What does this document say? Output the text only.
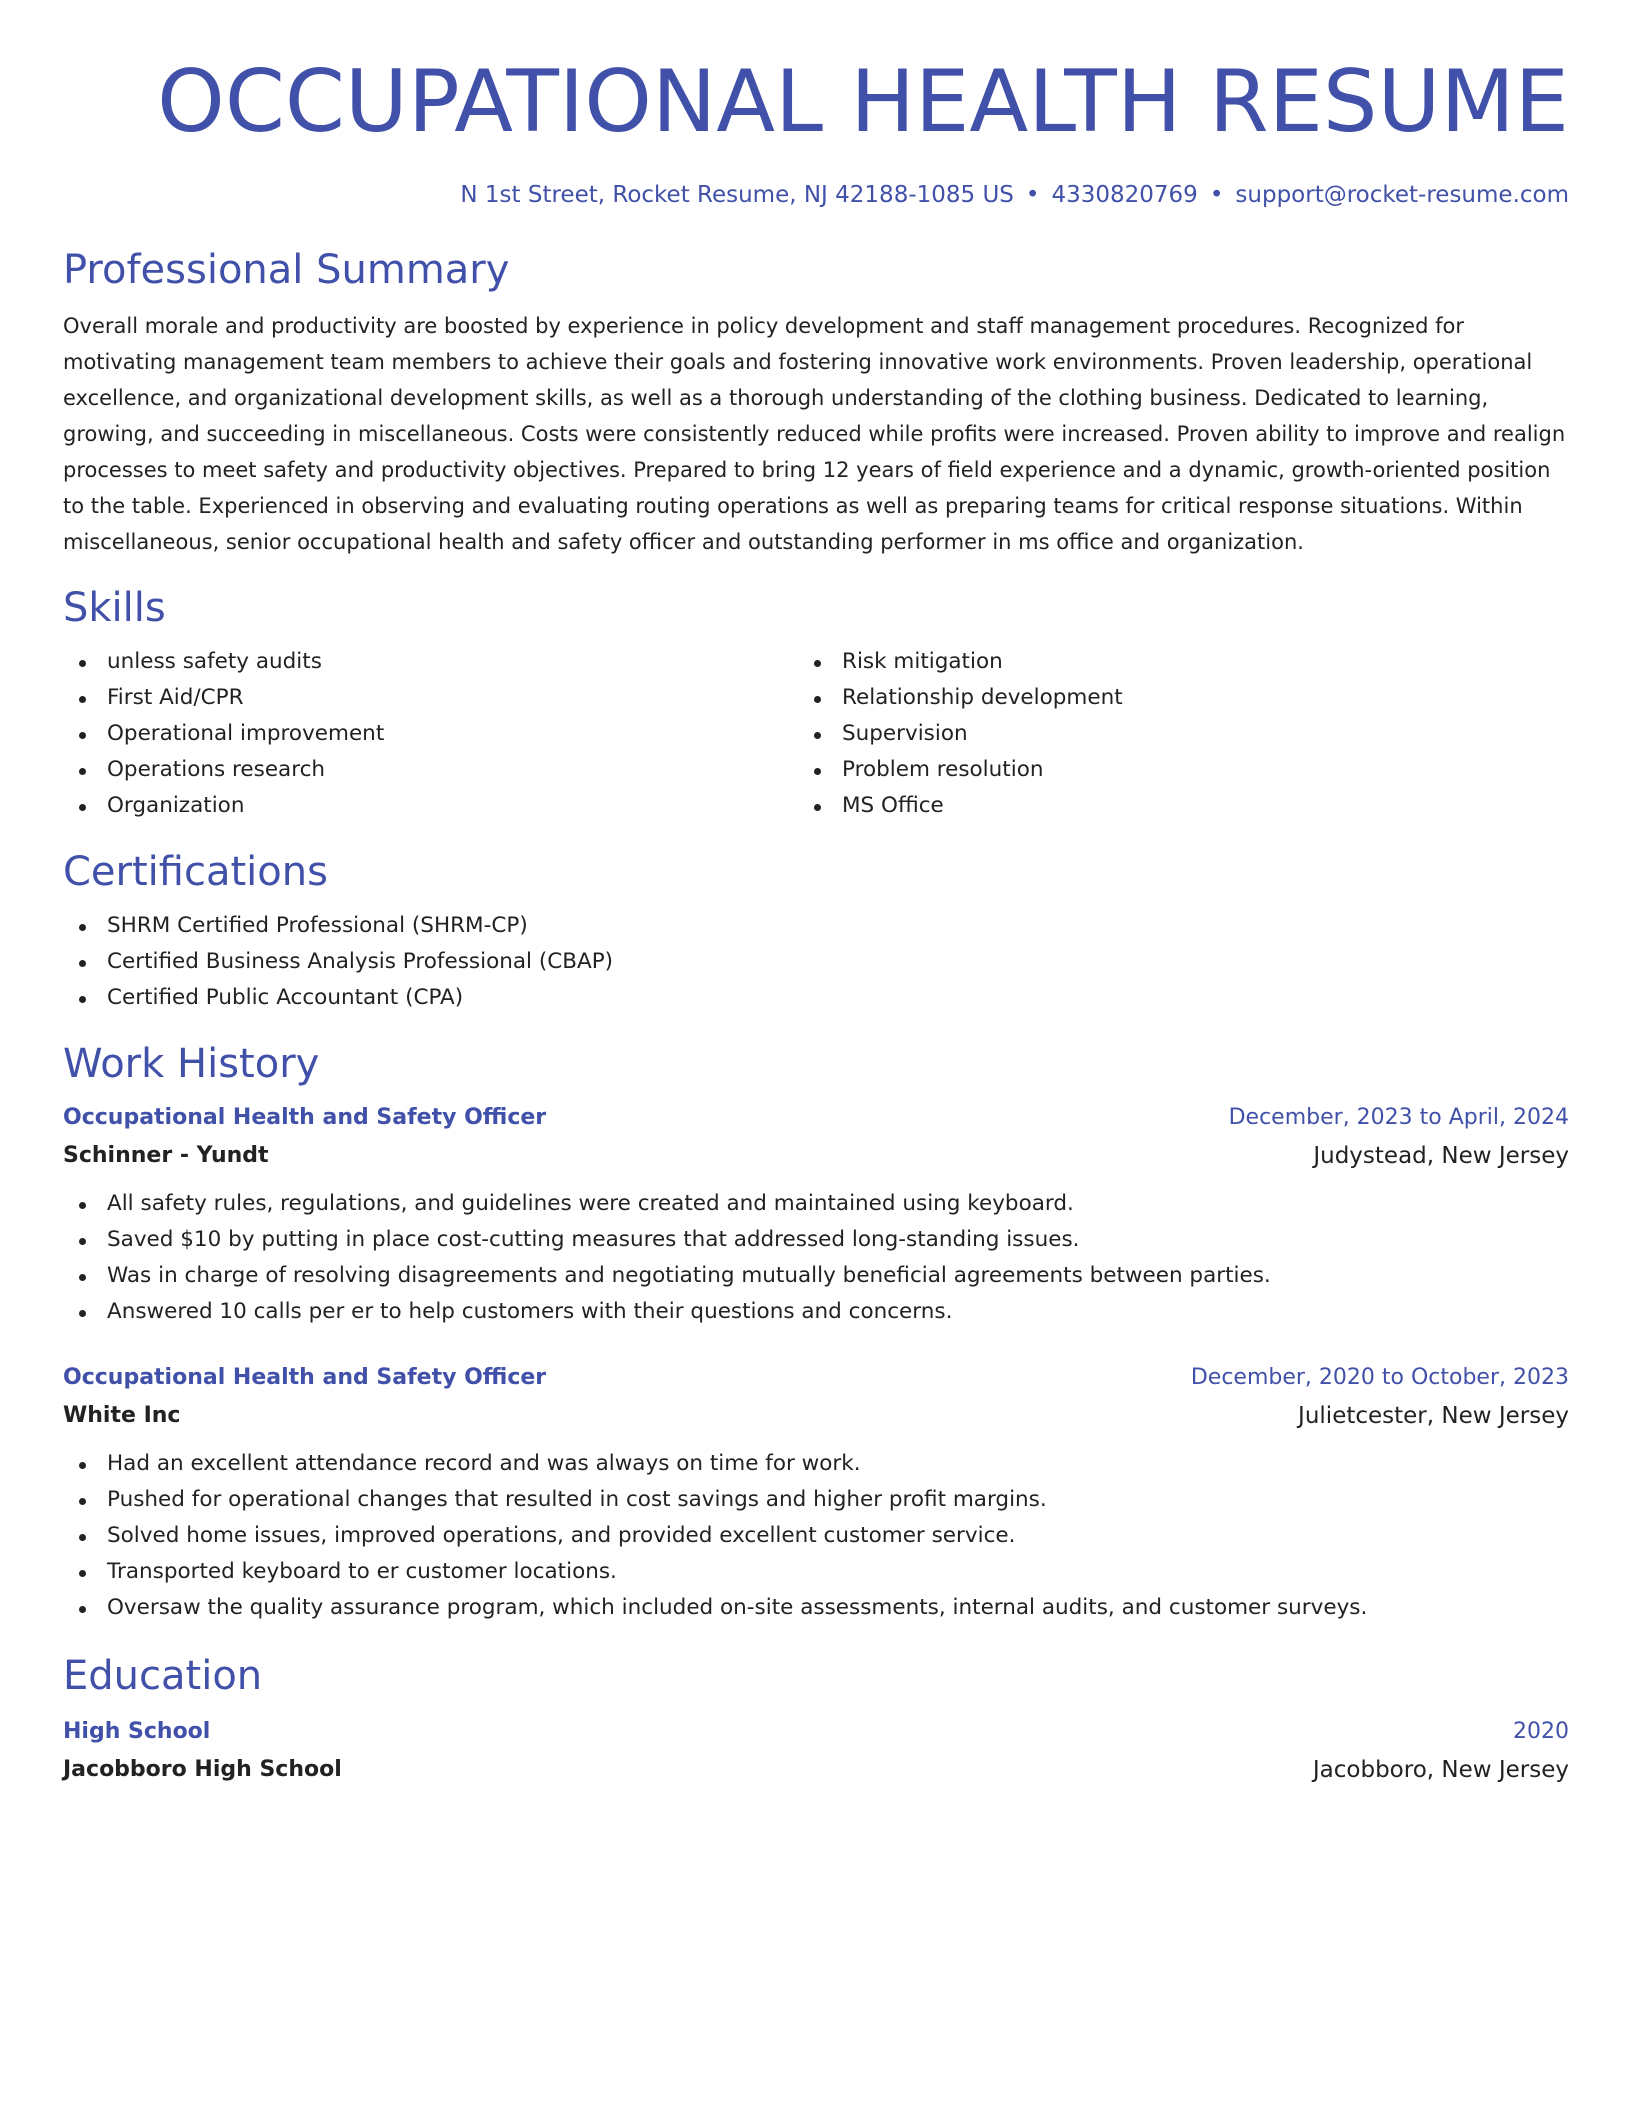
OCCUPATIONAL HEALTH RESUME
N 1st Street, Rocket Resume, NJ 42188-1085 US • 4330820769 • support@rocket-resume.com
Professional Summary
Overall morale and productivity are boosted by experience in policy development and staff management procedures. Recognized for motivating management team members to achieve their goals and fostering innovative work environments. Proven leadership, operational excellence, and organizational development skills, as well as a thorough understanding of the clothing business. Dedicated to learning, growing, and succeeding in miscellaneous. Costs were consistently reduced while profits were increased. Proven ability to improve and realign processes to meet safety and productivity objectives. Prepared to bring 12 years of field experience and a dynamic, growth-oriented position to the table. Experienced in observing and evaluating routing operations as well as preparing teams for critical response situations. Within miscellaneous, senior occupational health and safety officer and outstanding performer in ms office and organization.
Skills
unless safety audits
First Aid/CPR
Operational improvement
Operations research
Organization
Risk mitigation
Relationship development
Supervision
Problem resolution
MS Office
Certifications
SHRM Certified Professional (SHRM-CP)
Certified Business Analysis Professional (CBAP)
Certified Public Accountant (CPA)
Work History
Occupational Health and Safety Officer	December, 2023 to April, 2024
Schinner - Yundt	Judystead, New Jersey
All safety rules, regulations, and guidelines were created and maintained using keyboard.
Saved $10 by putting in place cost-cutting measures that addressed long-standing issues.
Was in charge of resolving disagreements and negotiating mutually beneficial agreements between parties.
Answered 10 calls per er to help customers with their questions and concerns.
Occupational Health and Safety Officer	December, 2020 to October, 2023
White Inc	Julietcester, New Jersey
Had an excellent attendance record and was always on time for work.
Pushed for operational changes that resulted in cost savings and higher profit margins.
Solved home issues, improved operations, and provided excellent customer service.
Transported keyboard to er customer locations.
Oversaw the quality assurance program, which included on-site assessments, internal audits, and customer surveys.
Education
High School	2020
Jacobboro High School	Jacobboro, New Jersey
